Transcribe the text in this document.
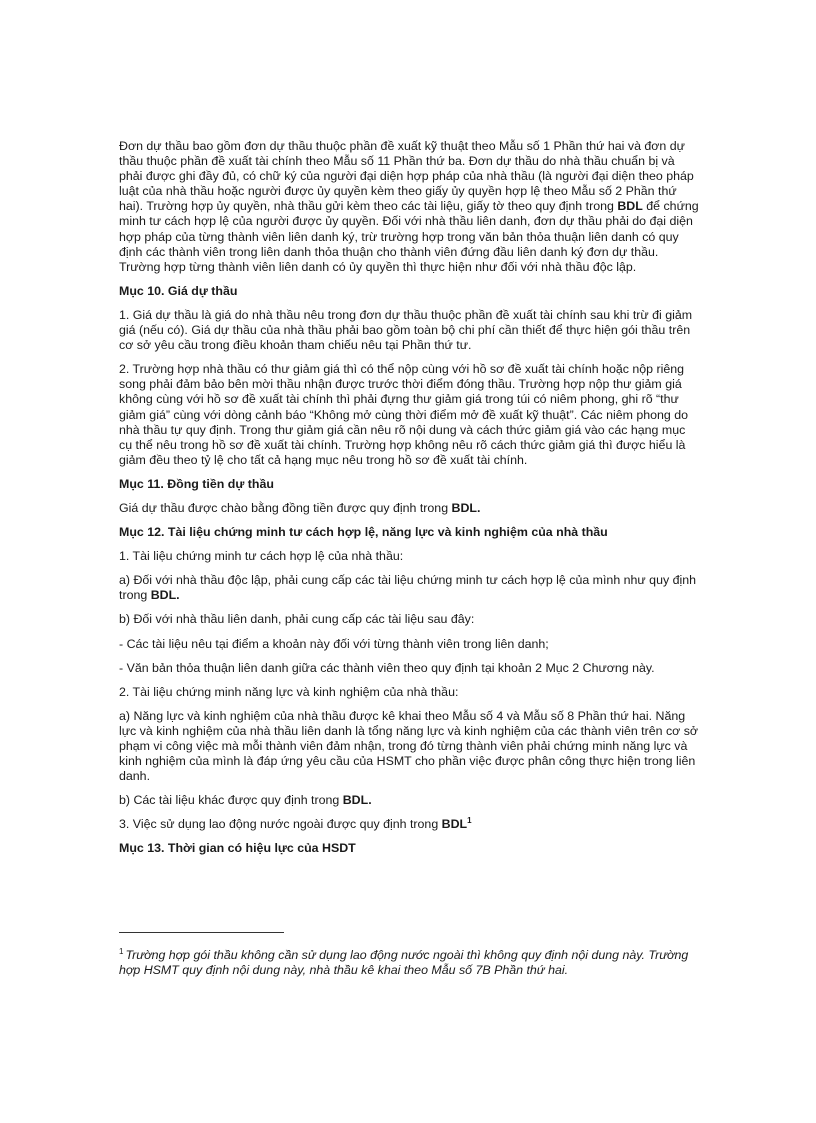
Đơn dự thầu bao gồm đơn dự thầu thuộc phần đề xuất kỹ thuật theo Mẫu số 1 Phần thứ hai và đơn dự thầu thuộc phần đề xuất tài chính theo Mẫu số 11 Phần thứ ba. Đơn dự thầu do nhà thầu chuẩn bị và phải được ghi đầy đủ, có chữ ký của người đại diện hợp pháp của nhà thầu (là người đại diện theo pháp luật của nhà thầu hoặc người được ủy quyền kèm theo giấy ủy quyền hợp lệ theo Mẫu số 2 Phần thứ hai). Trường hợp ủy quyền, nhà thầu gửi kèm theo các tài liệu, giấy tờ theo quy định trong BDL để chứng minh tư cách hợp lệ của người được ủy quyền. Đối với nhà thầu liên danh, đơn dự thầu phải do đại diện hợp pháp của từng thành viên liên danh ký, trừ trường hợp trong văn bản thỏa thuận liên danh có quy định các thành viên trong liên danh thỏa thuận cho thành viên đứng đầu liên danh ký đơn dự thầu. Trường hợp từng thành viên liên danh có ủy quyền thì thực hiện như đối với nhà thầu độc lập.

Mục 10. Giá dự thầu

1. Giá dự thầu là giá do nhà thầu nêu trong đơn dự thầu thuộc phần đề xuất tài chính sau khi trừ đi giảm giá (nếu có). Giá dự thầu của nhà thầu phải bao gồm toàn bộ chi phí cần thiết để thực hiện gói thầu trên cơ sở yêu cầu trong điều khoản tham chiếu nêu tại Phần thứ tư.

2. Trường hợp nhà thầu có thư giảm giá thì có thể nộp cùng với hồ sơ đề xuất tài chính hoặc nộp riêng song phải đảm bảo bên mời thầu nhận được trước thời điểm đóng thầu. Trường hợp nộp thư giảm giá không cùng với hồ sơ đề xuất tài chính thì phải đựng thư giảm giá trong túi có niêm phong, ghi rõ “thư giảm giá” cùng với dòng cảnh báo “Không mở cùng thời điểm mở đề xuất kỹ thuật”. Các niêm phong do nhà thầu tự quy định. Trong thư giảm giá cần nêu rõ nội dung và cách thức giảm giá vào các hạng mục cụ thể nêu trong hồ sơ đề xuất tài chính. Trường hợp không nêu rõ cách thức giảm giá thì được hiểu là giảm đều theo tỷ lệ cho tất cả hạng mục nêu trong hồ sơ đề xuất tài chính.

Mục 11. Đồng tiền dự thầu

Giá dự thầu được chào bằng đồng tiền được quy định trong BDL.

Mục 12. Tài liệu chứng minh tư cách hợp lệ, năng lực và kinh nghiệm của nhà thầu

1. Tài liệu chứng minh tư cách hợp lệ của nhà thầu:

a) Đối với nhà thầu độc lập, phải cung cấp các tài liệu chứng minh tư cách hợp lệ của mình như quy định trong BDL.

b) Đối với nhà thầu liên danh, phải cung cấp các tài liệu sau đây:

- Các tài liệu nêu tại điểm a khoản này đối với từng thành viên trong liên danh;

- Văn bản thỏa thuận liên danh giữa các thành viên theo quy định tại khoản 2 Mục 2 Chương này.

2. Tài liệu chứng minh năng lực và kinh nghiệm của nhà thầu:

a) Năng lực và kinh nghiệm của nhà thầu được kê khai theo Mẫu số 4 và Mẫu số 8 Phần thứ hai. Năng lực và kinh nghiệm của nhà thầu liên danh là tổng năng lực và kinh nghiệm của các thành viên trên cơ sở phạm vi công việc mà mỗi thành viên đảm nhận, trong đó từng thành viên phải chứng minh năng lực và kinh nghiệm của mình là đáp ứng yêu cầu của HSMT cho phần việc được phân công thực hiện trong liên danh.

b) Các tài liệu khác được quy định trong BDL.

3. Việc sử dụng lao động nước ngoài được quy định trong BDL$^1$

Mục 13. Thời gian có hiệu lực của HSDT
$^1$ Trường hợp gói thầu không cần sử dụng lao động nước ngoài thì không quy định nội dung này. Trường hợp HSMT quy định nội dung này, nhà thầu kê khai theo Mẫu số 7B Phần thứ hai.
